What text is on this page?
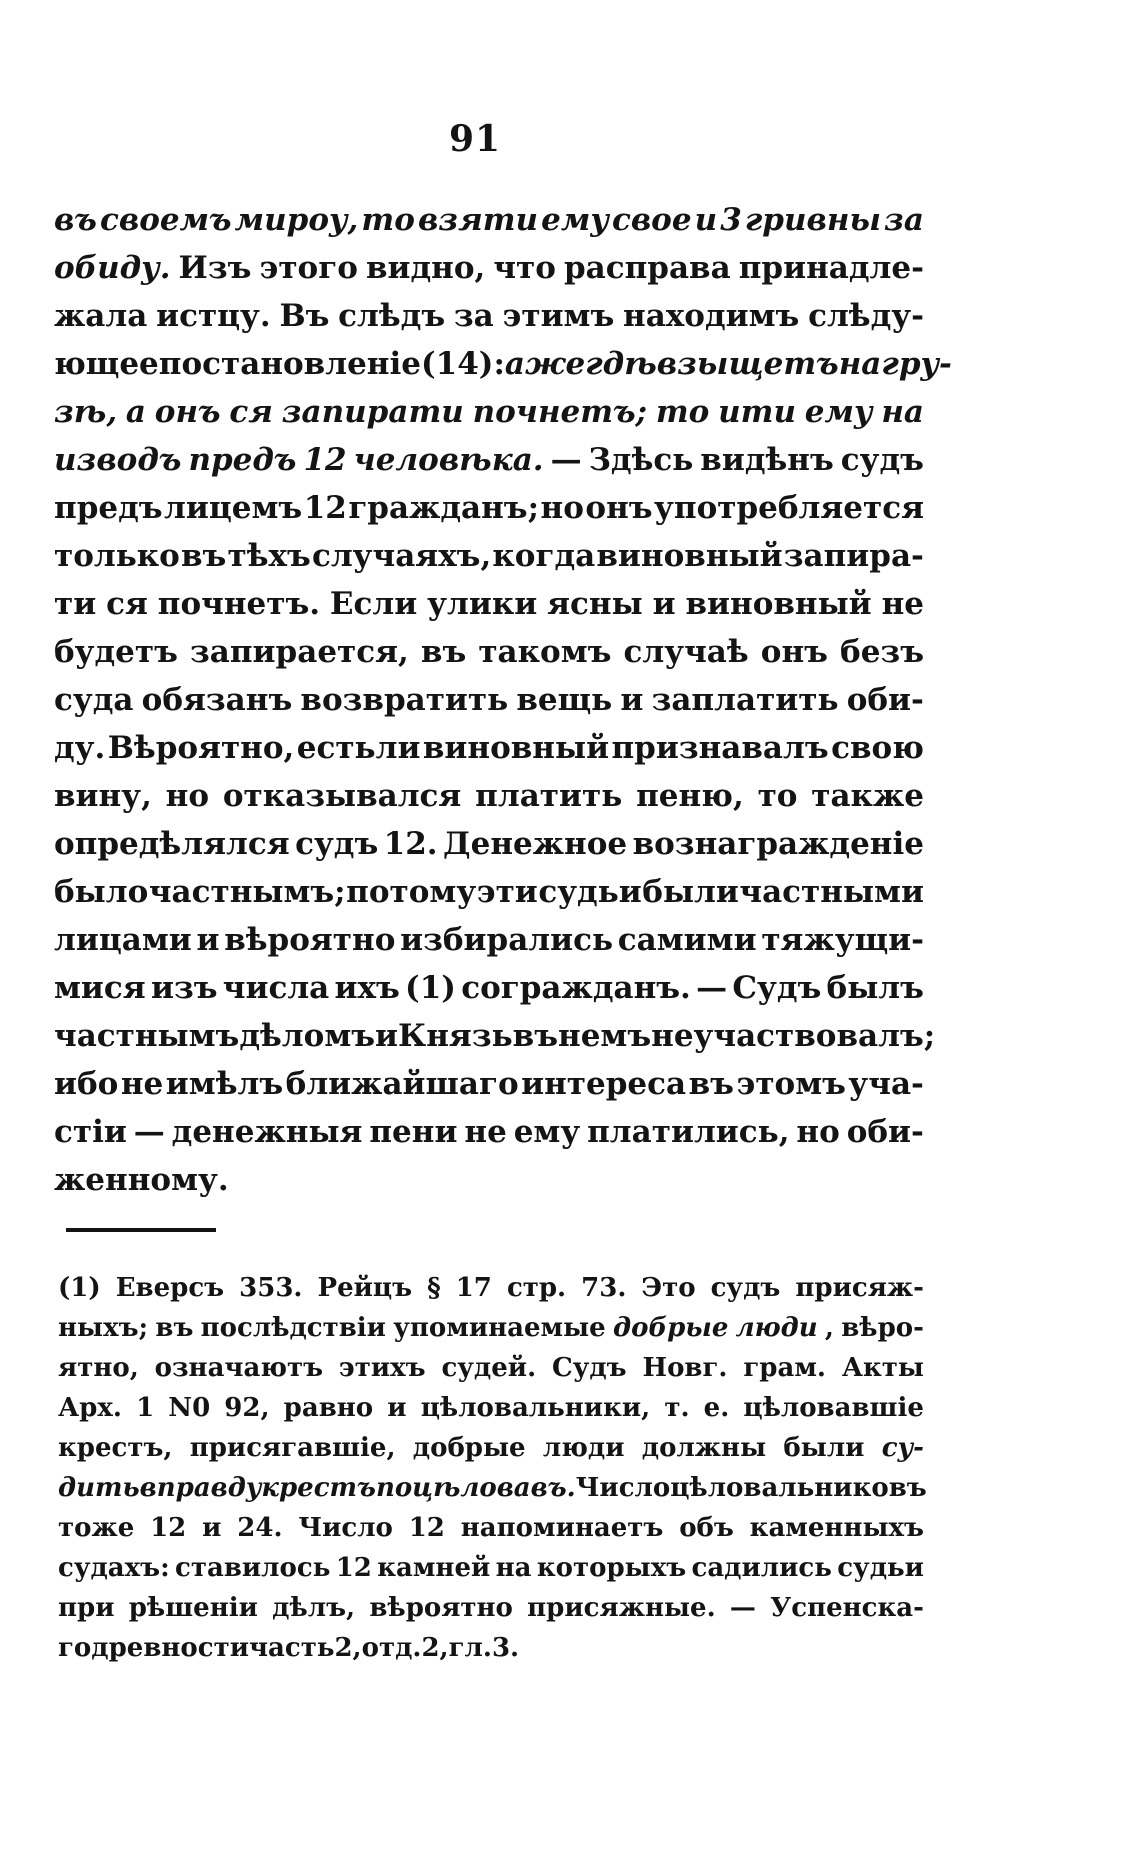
91
въ своемъ мироу, то взяти ему свое и 3 гривны за
обиду. Изъ этого видно, что расправа принадле-
жала истцу. Въ слѣдъ за этимъ находимъ слѣду-
ющее постановленіе (14): аже гдѣ взыщетъ на гру-
зѣ, а онъ ся запирати почнетъ; то ити ему на
изводъ предъ 12 человѣка. — Здѣсь видѣнъ судъ
предъ лицемъ 12 гражданъ; но онъ употребляется
только въ тѣхъ случаяхъ, когда виновный запира-
ти ся почнетъ. Если улики ясны и виновный не
будетъ запирается, въ такомъ случаѣ онъ безъ
суда обязанъ возвратить вещь и заплатить оби-
ду. Вѣроятно, естьли виновный признавалъ свою
вину, но отказывался платить пеню, то также
опредѣлялся судъ 12. Денежное вознагражденіе
было частнымъ; потому эти судьи были частными
лицами и вѣроятно избирались самими тяжущи-
мися изъ числа ихъ (1) согражданъ. — Судъ былъ
частнымъ дѣломъ и Князь въ немъ не участвовалъ;
ибо не имѣлъ ближайшаго интереса въ этомъ уча-
стіи — денежныя пени не ему платились, но оби-
женному.
(1) Еверсъ 353. Рейцъ § 17 стр. 73. Это судъ присяж-
ныхъ; въ послѣдствіи упоминаемые добрые люди , вѣро-
ятно, означаютъ этихъ судей. Судъ Новг. грам. Акты
Арх. 1 N0 92, равно и цѣловальники, т. е. цѣловавшіе
крестъ, присягавшіе, добрые люди должны были су-
дить вправду крестъ поцѣловавъ. Число цѣловальниковъ
тоже 12 и 24. Число 12 напоминаетъ объ каменныхъ
судахъ: ставилось 12 камней на которыхъ садились судьи
при рѣшеніи дѣлъ, вѣроятно присяжные. — Успенска-
го древности часть 2, отд. 2, гл. 3.
